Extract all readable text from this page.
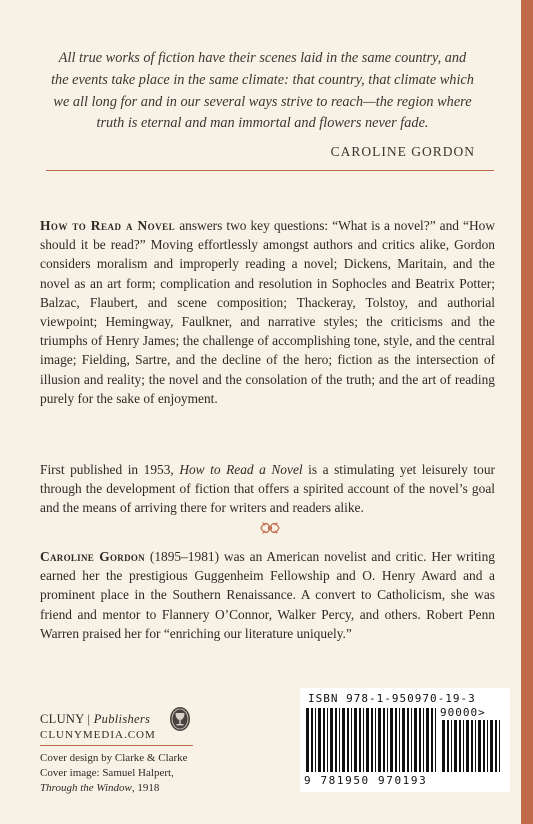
All true works of fiction have their scenes laid in the same country, and the events take place in the same climate: that country, that climate which we all long for and in our several ways strive to reach—the region where truth is eternal and man immortal and flowers never fade.
CAROLINE GORDON
How to Read a Novel answers two key questions: “What is a novel?” and “How should it be read?” Moving effortlessly amongst authors and critics alike, Gordon considers moralism and improperly reading a novel; Dickens, Maritain, and the novel as an art form; complication and resolution in Sophocles and Beatrix Potter; Balzac, Flaubert, and scene composition; Thackeray, Tolstoy, and authorial viewpoint; Hemingway, Faulkner, and narrative styles; the criticisms and the triumphs of Henry James; the challenge of accomplishing tone, style, and the central image; Fielding, Sartre, and the decline of the hero; fiction as the intersection of illusion and reality; the novel and the consolation of the truth; and the art of reading purely for the sake of enjoyment.
First published in 1953, How to Read a Novel is a stimulating yet leisurely tour through the development of fiction that offers a spirited account of the novel’s goal and the means of arriving there for writers and readers alike.
Caroline Gordon (1895–1981) was an American novelist and critic. Her writing earned her the prestigious Guggenheim Fellowship and O. Henry Award and a prominent place in the Southern Renaissance. A convert to Catholicism, she was friend and mentor to Flannery O’Connor, Walker Percy, and others. Robert Penn Warren praised her for “enriching our literature uniquely.”
CLUNY | Publishers
CLUNYMEDIA.COM
Cover design by Clarke & Clarke
Cover image: Samuel Halpert,
Through the Window, 1918
ISBN 978-1-950970-19-3
90000>
9 781950 970193
